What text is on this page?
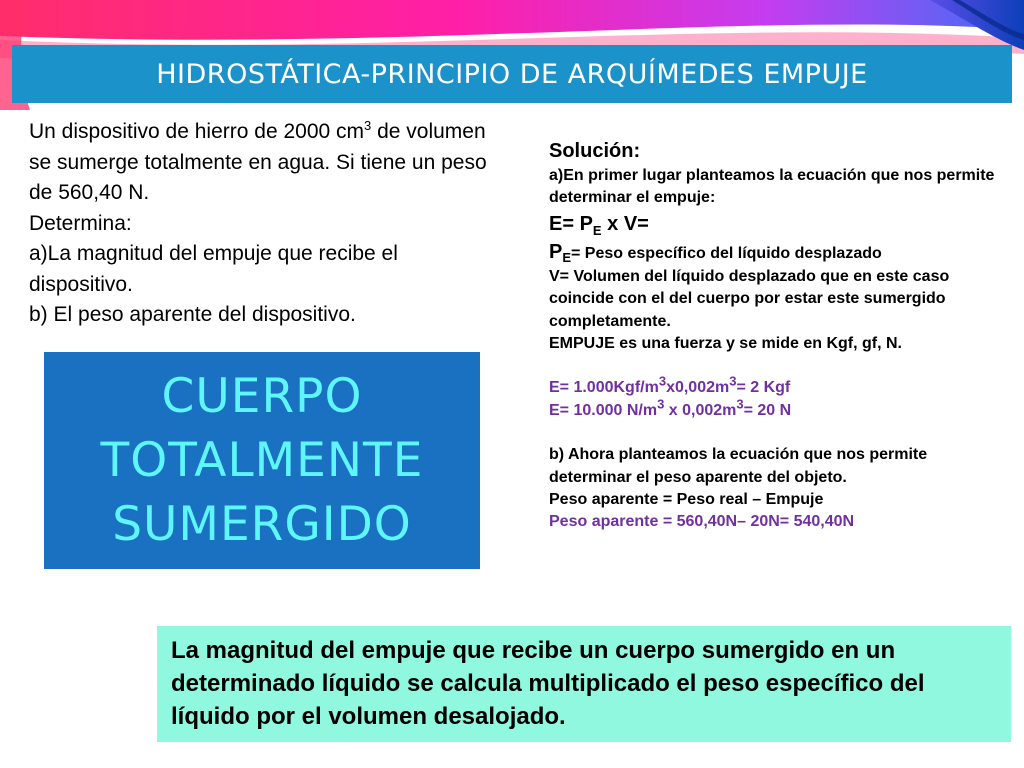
HIDROSTÁTICA-PRINCIPIO DE ARQUÍMEDES EMPUJE

Un dispositivo de hierro de 2000 $cm^3$ de volumen se sumerge totalmente en agua. Si tiene un peso de 560,40 N.

Determina:

a)La magnitud del empuje que recibe el dispositivo.

b) El peso aparente del dispositivo.

CUERPO
TOTALMENTE
SUMERGIDO

Solución:

a)En primer lugar planteamos la ecuación que nos permite determinar el empuje:

$E= P_E$ x V=

$P_E=$ Peso específico del líquido desplazado

V= Volumen del líquido desplazado que en este caso coincide con el del cuerpo por estar este sumergido completamente.

EMPUJE es una fuerza y se mide en Kgf, gf, N.

$E= 1.000Kgf/m^3x0,002m^3= 2$ Kgf

E= 10.000 $N/m^3$ x $0,002m^3= 20$ N

b) Ahora planteamos la ecuación que nos permite determinar el peso aparente del objeto.

Peso aparente = Peso real – Empuje

Peso aparente = 560,40N– 20N= 540,40N

La magnitud del empuje que recibe un cuerpo sumergido en un determinado líquido se calcula multiplicado el peso específico del líquido por el volumen desalojado.
